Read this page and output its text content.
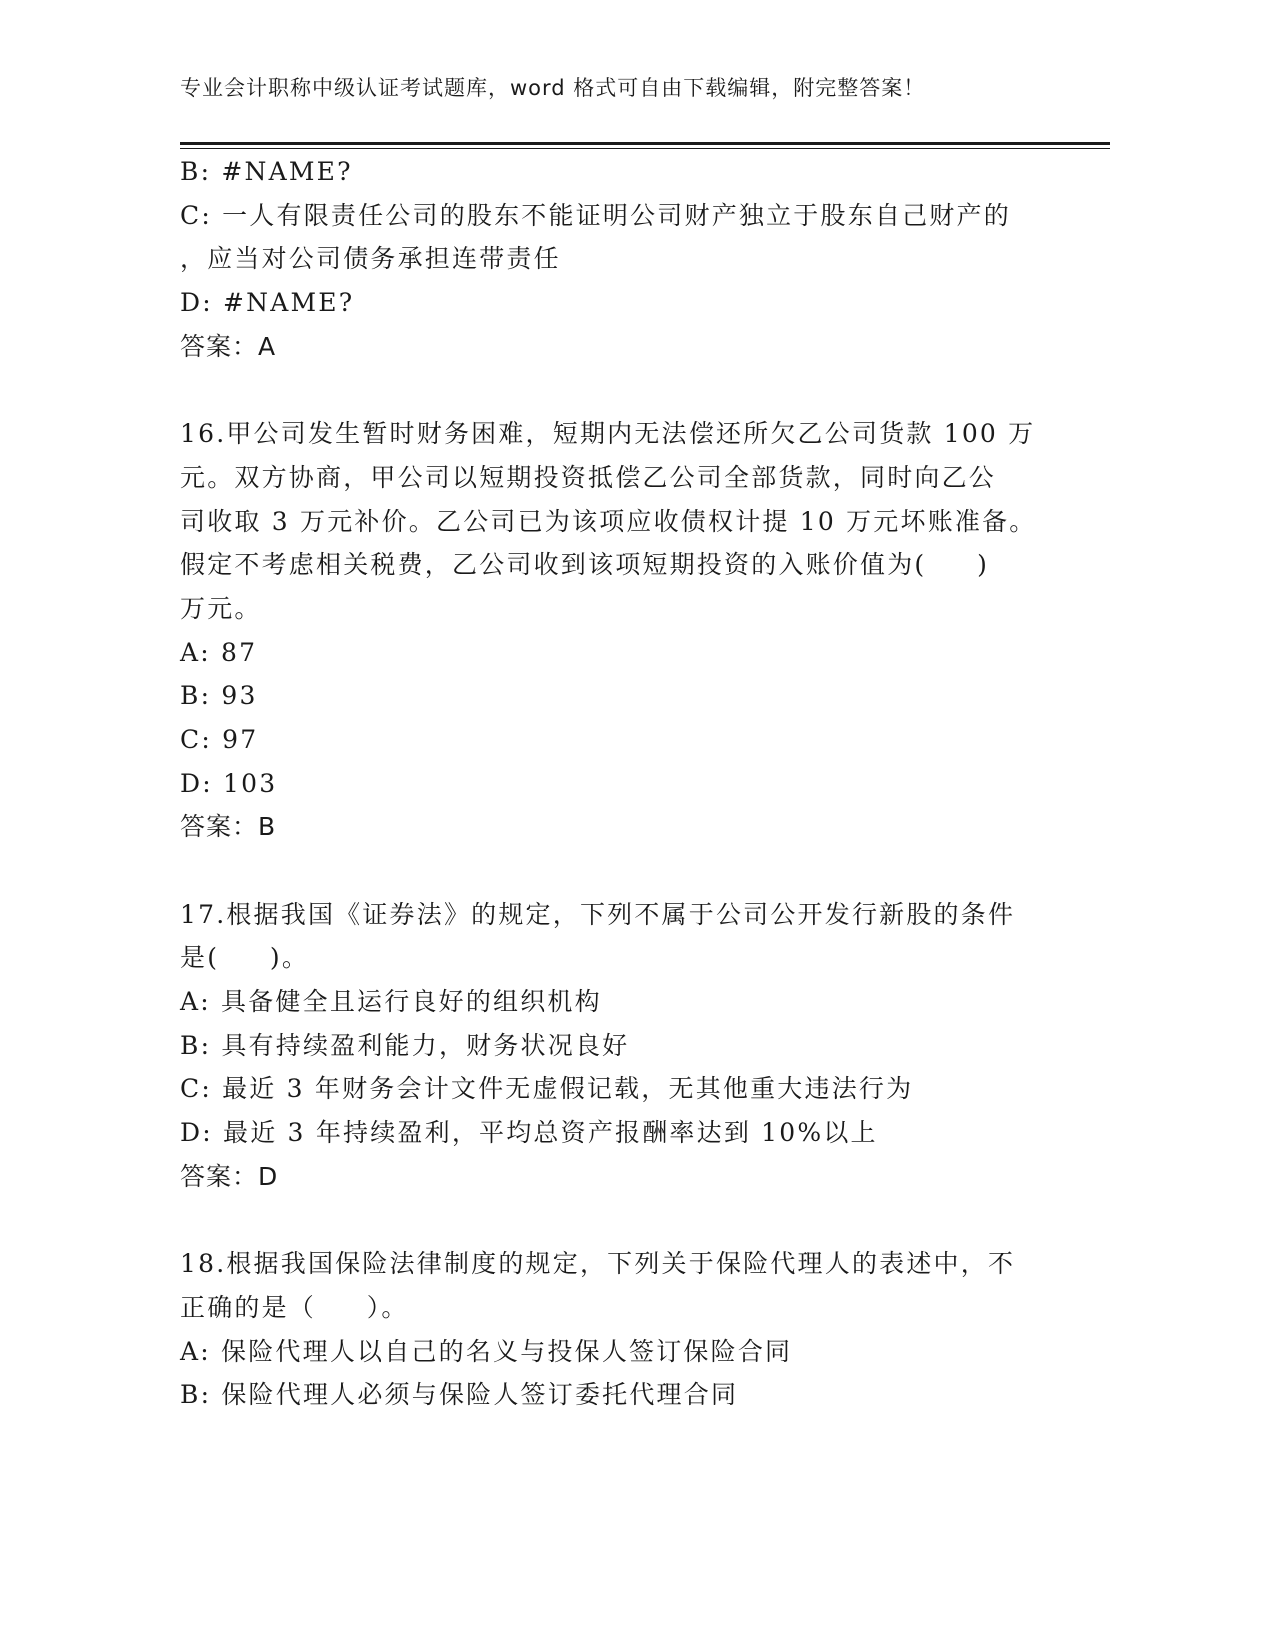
专业会计职称中级认证考试题库，word 格式可自由下载编辑，附完整答案！
B: #NAME?
C: 一人有限责任公司的股东不能证明公司财产独立于股东自己财产的
，应当对公司债务承担连带责任
D: #NAME?
答案：A
16.甲公司发生暂时财务困难，短期内无法偿还所欠乙公司货款 100 万
元。双方协商，甲公司以短期投资抵偿乙公司全部货款，同时向乙公
司收取 3 万元补价。乙公司已为该项应收债权计提 10 万元坏账准备。
假定不考虑相关税费，乙公司收到该项短期投资的入账价值为(     )
万元。
A: 87
B: 93
C: 97
D: 103
答案：B
17.根据我国《证券法》的规定，下列不属于公司公开发行新股的条件
是(     )。
A: 具备健全且运行良好的组织机构
B: 具有持续盈利能力，财务状况良好
C: 最近 3 年财务会计文件无虚假记载，无其他重大违法行为
D: 最近 3 年持续盈利，平均总资产报酬率达到 10%以上
答案：D
18.根据我国保险法律制度的规定，下列关于保险代理人的表述中，不
正确的是（     ）。
A: 保险代理人以自己的名义与投保人签订保险合同
B: 保险代理人必须与保险人签订委托代理合同
